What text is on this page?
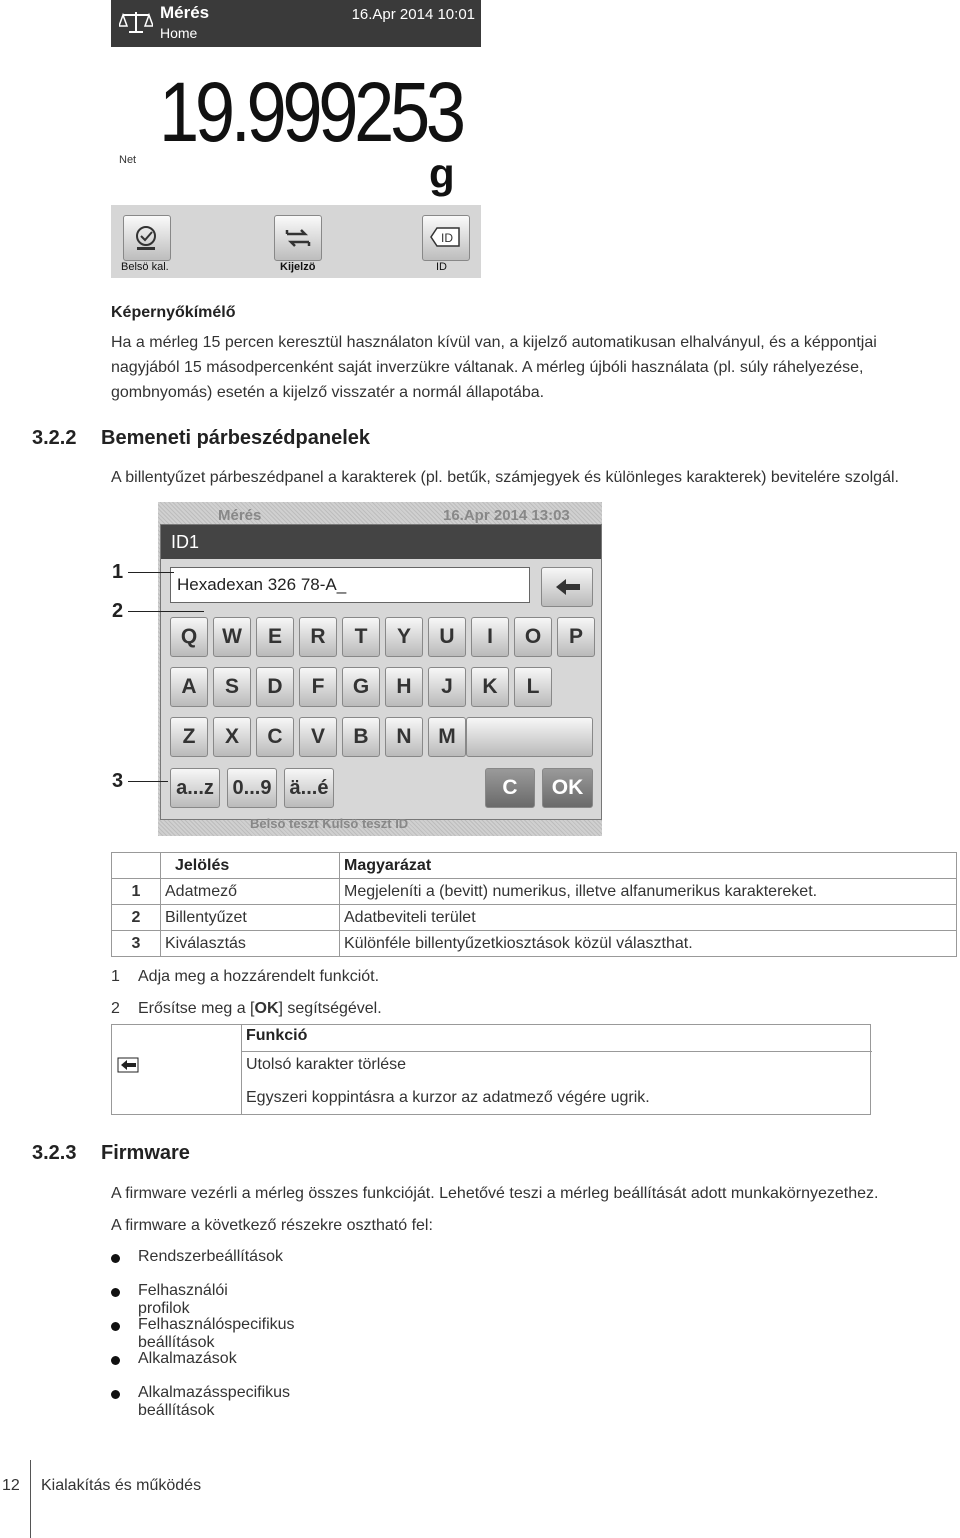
Mérés
Home
16.Apr 2014 10:01
Net
19.999253
g
Belsö kal.	Kijelzö
ID
ID
Képernyőkímélő
Ha a mérleg 15 percen keresztül használaton kívül van, a kijelző automatikusan elhalványul, és a képpontjai nagyjából 15 másodpercenként saját inverzükre váltanak. A mérleg újbóli használata (pl. súly ráhelyezése, gombnyomás) esetén a kijelző visszatér a normál állapotába.
3.2.2 Bemeneti párbeszédpanelek
A billentyűzet párbeszédpanel a karakterek (pl. betűk, számjegyek és különleges karakterek) bevitelére szolgál.
Mérés	16.Apr 2014 13:03
ID1
Hexadexan 326 78-A_
Q	W	E	R	T	Y	U	I	O	P
A	S	D	F	G	H	J	K	L
Z	X	C	V	B	N	M
a...z 0...9 ä...é	C	OK
Belsö teszt Külsö teszt ID
1
2
3
	Jelölés	Magyarázat
1	Adatmező	Megjeleníti a (bevitt) numerikus, illetve alfanumerikus karaktereket.
2	Billentyűzet	Adatbeviteli terület
3	Kiválasztás	Különféle billentyűzetkiosztások közül választhat.
1 Adja meg a hozzárendelt funkciót.
2 Erősítse meg a [OK] segítségével.
Funkció
Utolsó karakter törlése
Egyszeri koppintásra a kurzor az adatmező végére ugrik.
3.2.3 Firmware
A firmware vezérli a mérleg összes funkcióját. Lehetővé teszi a mérleg beállítását adott munkakörnyezethez.
A firmware a következő részekre osztható fel:
Rendszerbeállítások
Felhasználói profilok
Felhasználóspecifikus beállítások
Alkalmazások
Alkalmazásspecifikus beállítások
12 Kialakítás és működés
